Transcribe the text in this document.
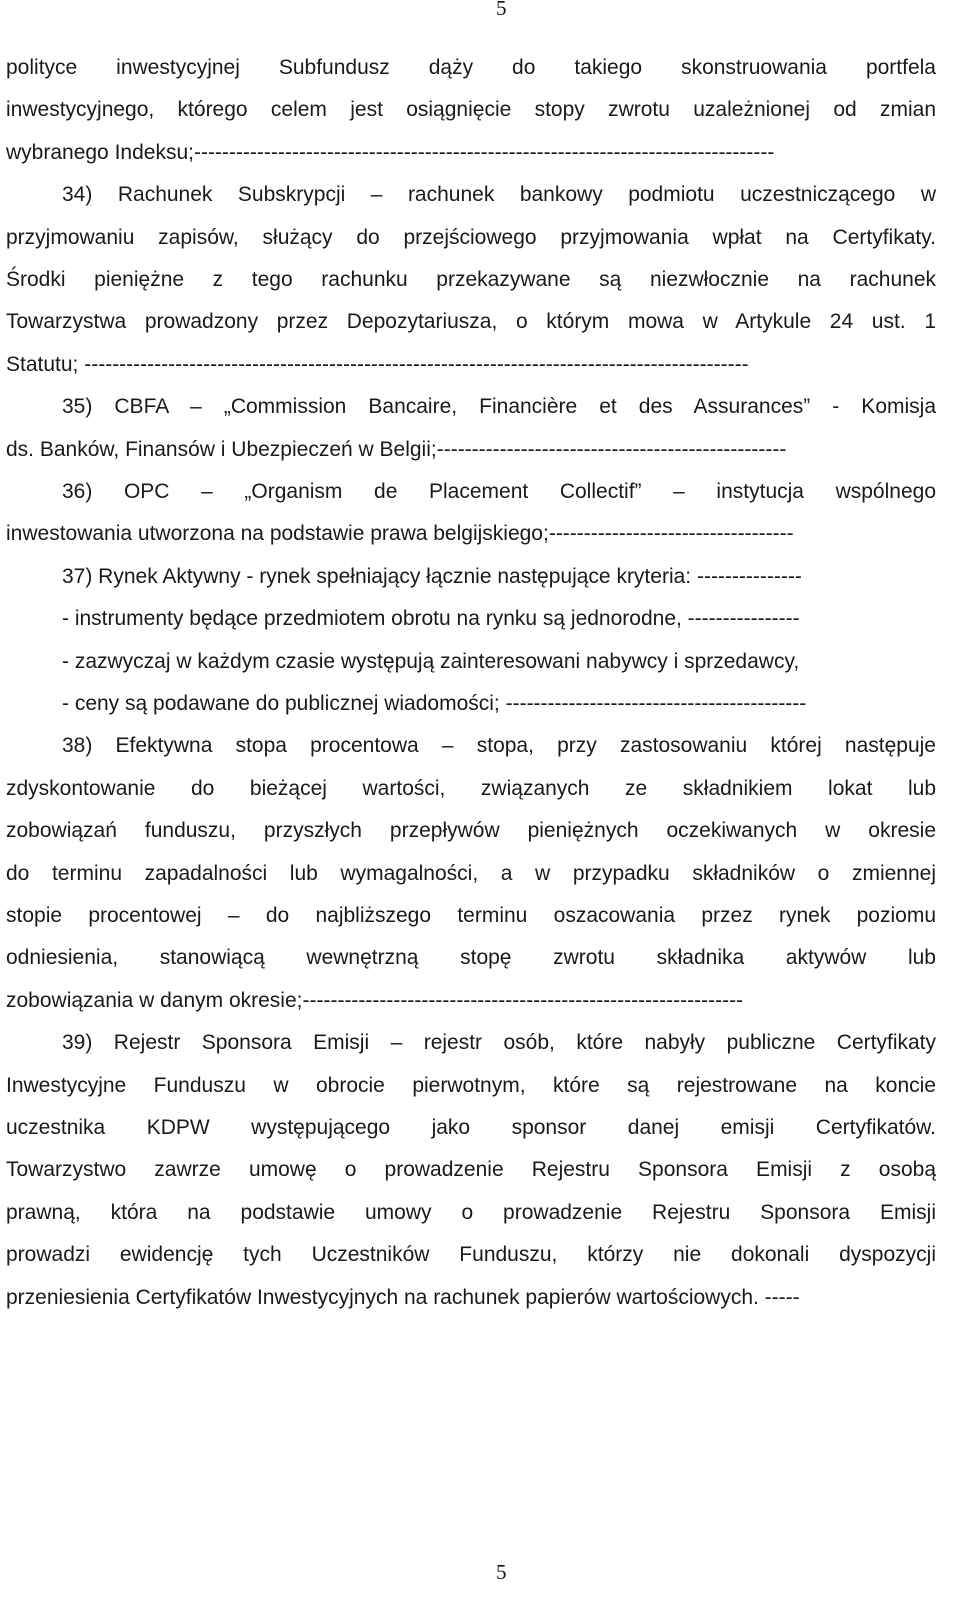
5
polityce inwestycyjnej Subfundusz dąży do takiego skonstruowania portfela
inwestycyjnego, którego celem jest osiągnięcie stopy zwrotu uzależnionej od zmian
wybranego Indeksu;-----------------------------------------------------------------------------------
34) Rachunek Subskrypcji – rachunek bankowy podmiotu uczestniczącego w
przyjmowaniu zapisów, służący do przejściowego przyjmowania wpłat na Certyfikaty.
Środki pieniężne z tego rachunku przekazywane są niezwłocznie na rachunek
Towarzystwa prowadzony przez Depozytariusza, o którym mowa w Artykule 24 ust. 1
Statutu; -----------------------------------------------------------------------------------------------
35) CBFA – „Commission Bancaire, Financière et des Assurances” - Komisja
ds. Banków, Finansów i Ubezpieczeń w Belgii;--------------------------------------------------
36) OPC – „Organism de Placement Collectif” – instytucja wspólnego
inwestowania utworzona na podstawie prawa belgijskiego;-----------------------------------
37) Rynek Aktywny - rynek spełniający łącznie następujące kryteria: ---------------
- instrumenty będące przedmiotem obrotu na rynku są jednorodne, ----------------
- zazwyczaj w każdym czasie występują zainteresowani nabywcy i sprzedawcy,
- ceny są podawane do publicznej wiadomości; -------------------------------------------
38) Efektywna stopa procentowa – stopa, przy zastosowaniu której następuje
zdyskontowanie do bieżącej wartości, związanych ze składnikiem lokat lub
zobowiązań funduszu, przyszłych przepływów pieniężnych oczekiwanych w okresie
do terminu zapadalności lub wymagalności, a w przypadku składników o zmiennej
stopie procentowej – do najbliższego terminu oszacowania przez rynek poziomu
odniesienia, stanowiącą wewnętrzną stopę zwrotu składnika aktywów lub
zobowiązania w danym okresie;---------------------------------------------------------------
39) Rejestr Sponsora Emisji – rejestr osób, które nabyły publiczne Certyfikaty
Inwestycyjne Funduszu w obrocie pierwotnym, które są rejestrowane na koncie
uczestnika KDPW występującego jako sponsor danej emisji Certyfikatów.
Towarzystwo zawrze umowę o prowadzenie Rejestru Sponsora Emisji z osobą
prawną, która na podstawie umowy o prowadzenie Rejestru Sponsora Emisji
prowadzi ewidencję tych Uczestników Funduszu, którzy nie dokonali dyspozycji
przeniesienia Certyfikatów Inwestycyjnych na rachunek papierów wartościowych. -----
5
